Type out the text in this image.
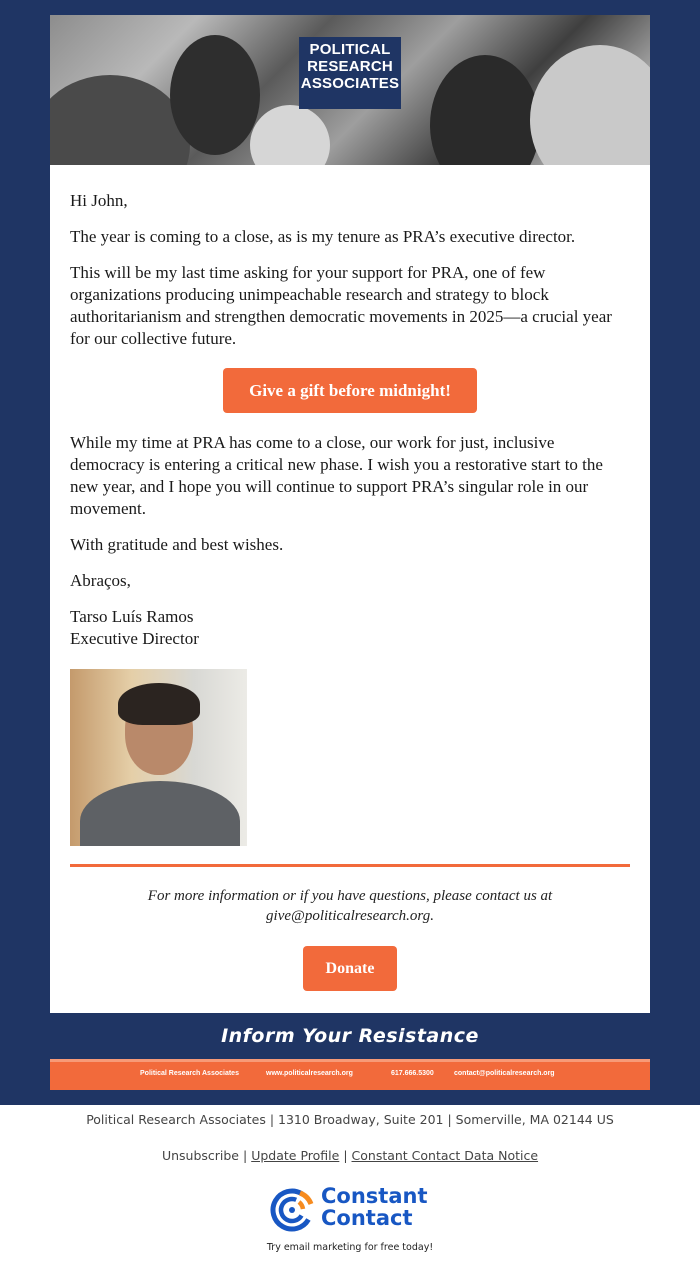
POLITICAL
RESEARCH
ASSOCIATES

Hi John,

The year is coming to a close, as is my tenure as PRA’s executive director.

This will be my last time asking for your support for PRA, one of few organizations producing unimpeachable research and strategy to block authoritarianism and strengthen democratic movements in 2025—a crucial year for our collective future.

Give a gift before midnight!

While my time at PRA has come to a close, our work for just, inclusive democracy is entering a critical new phase. I wish you a restorative start to the new year, and I hope you will continue to support PRA’s singular role in our movement.

With gratitude and best wishes.

Abraços,

Tarso Luís Ramos

Executive Director

For more information or if you have questions, please contact us at give@politicalresearch.org.
Donate
Inform Your Resistance
Political Research Associates	www.politicalresearch.org	617.666.5300	contact@politicalresearch.org
Political Research Associates | 1310 Broadway, Suite 201 | Somerville, MA 02144 US
Unsubscribe | Update Profile | Constant Contact Data Notice
Constant
Contact
Try email marketing for free today!
